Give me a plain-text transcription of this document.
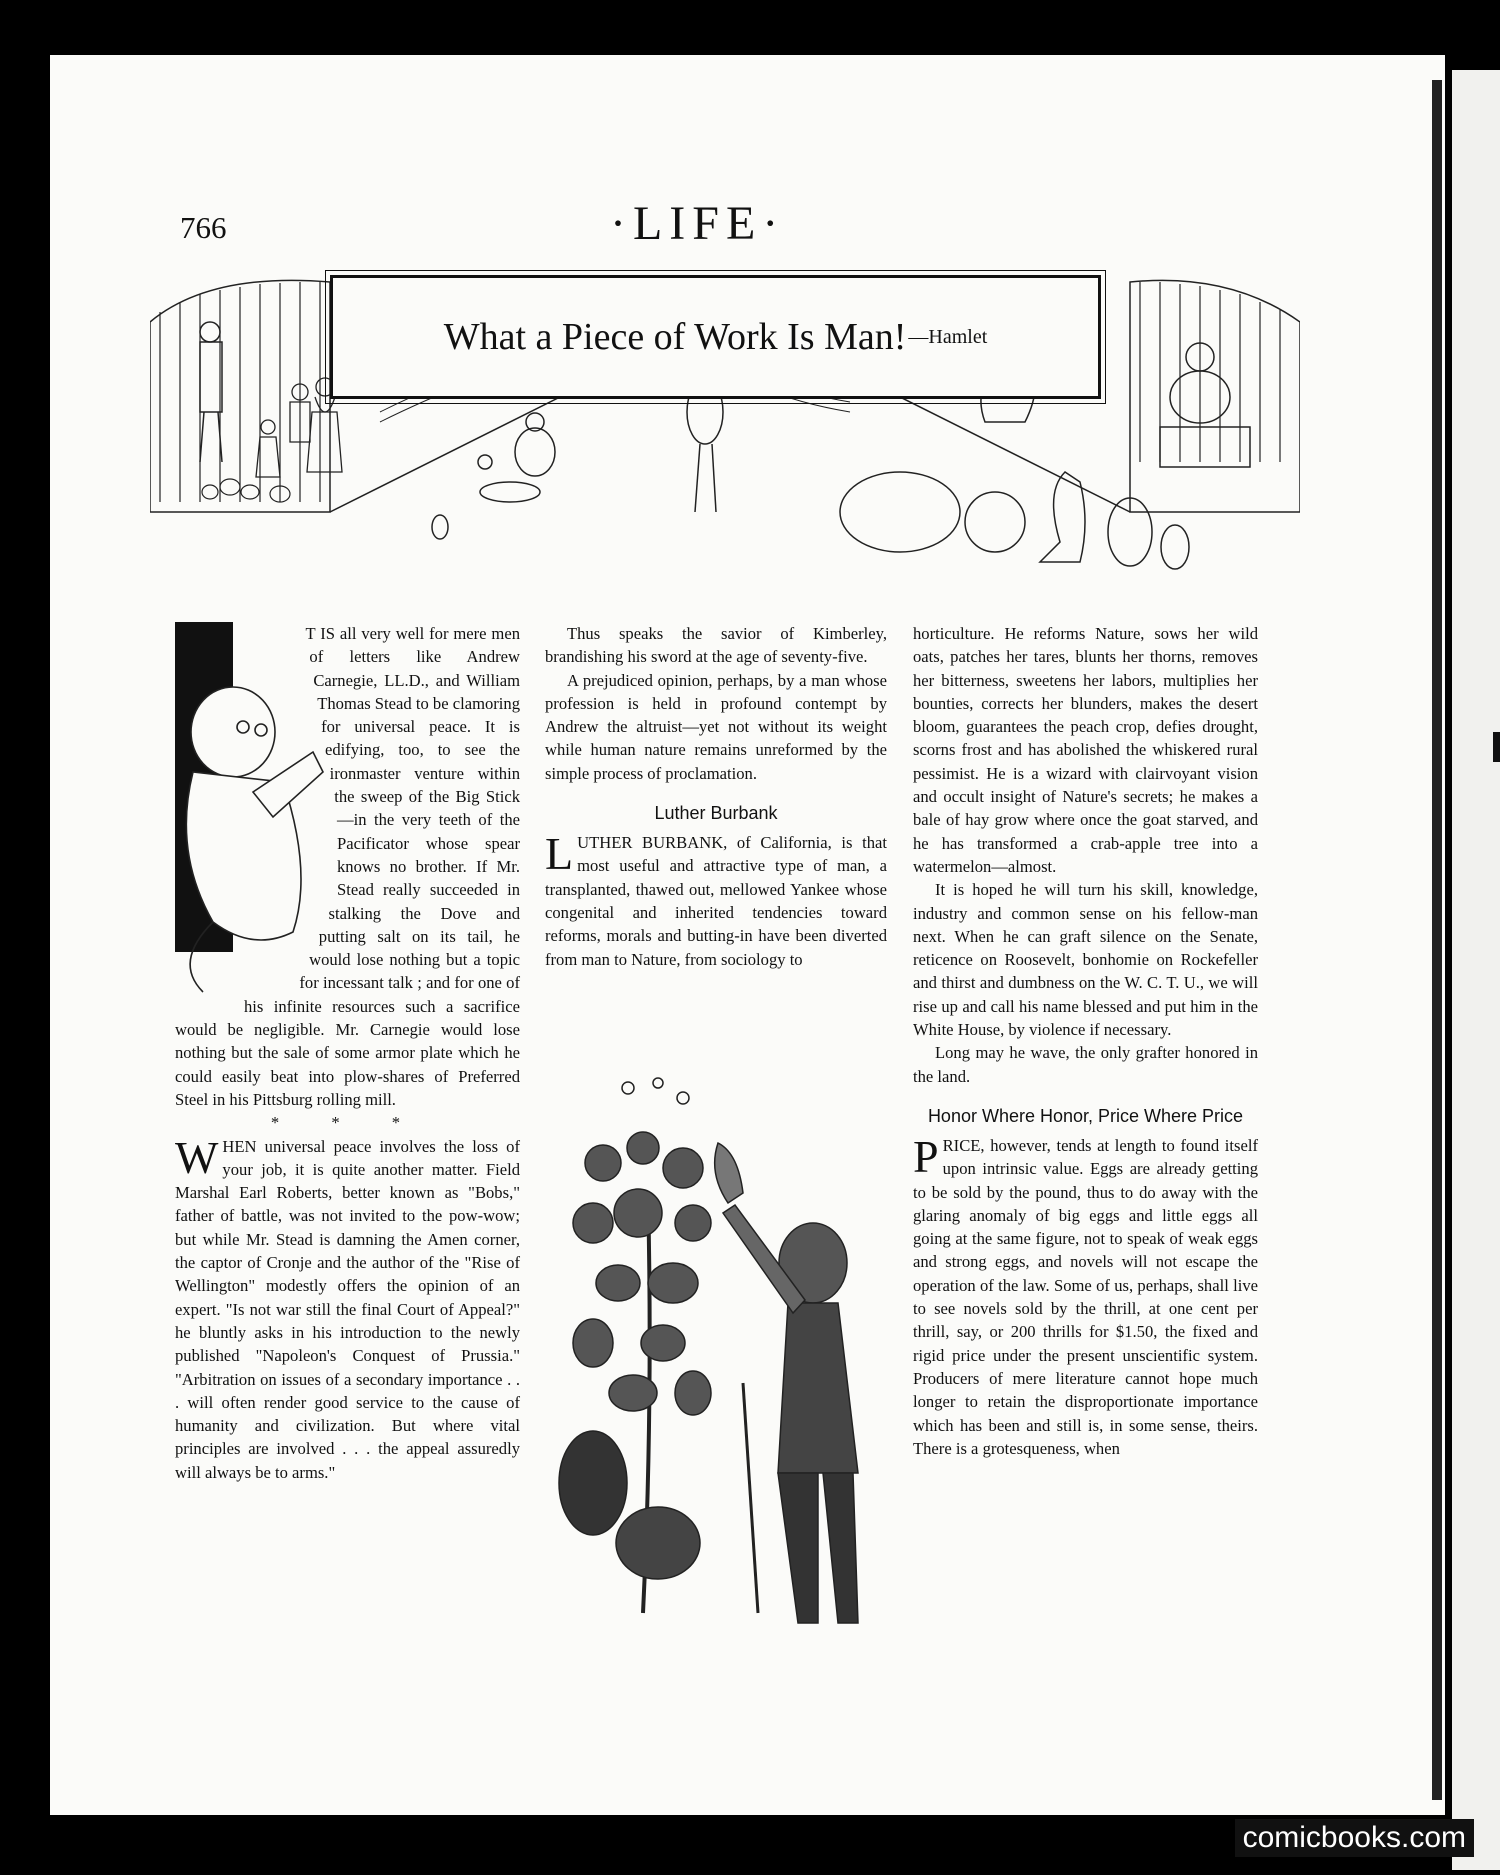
766	·LIFE·
What a Piece of Work Is Man! —Hamlet

T IS all very well for mere men of letters like Andrew Carnegie, LL.D., and William Thomas Stead to be clamoring for universal peace. It is edifying, too, to see the ironmaster venture within the sweep of the Big Stick —in the very teeth of the Pacificator whose spear knows no brother. If Mr. Stead really succeeded in stalking the Dove and putting salt on its tail, he would lose nothing but a topic for incessant talk ; and for one of his infinite resources such a sacrifice would be negligible. Mr. Carnegie would lose nothing but the sale of some armor plate which he could easily beat into plow-shares of Preferred Steel in his Pittsburg rolling mill.

* * *

WHEN universal peace involves the loss of your job, it is quite another matter. Field Marshal Earl Roberts, better known as "Bobs," father of battle, was not invited to the pow-wow; but while Mr. Stead is damning the Amen corner, the captor of Cronje and the author of the "Rise of Wellington" modestly offers the opinion of an expert. "Is not war still the final Court of Appeal?" he bluntly asks in his introduction to the newly published "Napoleon's Conquest of Prussia." "Arbitration on issues of a secondary importance . . . will often render good service to the cause of humanity and civilization. But where vital principles are involved . . . the appeal assuredly will always be to arms."

Thus speaks the savior of Kimberley, brandishing his sword at the age of seventy-five.

A prejudiced opinion, perhaps, by a man whose profession is held in profound contempt by Andrew the altruist—yet not without its weight while human nature remains unreformed by the simple process of proclamation.

Luther Burbank

LUTHER BURBANK, of California, is that most useful and attractive type of man, a transplanted, thawed out, mellowed Yankee whose congenital and inherited tendencies toward reforms, morals and butting-in have been diverted from man to Nature, from sociology to

horticulture. He reforms Nature, sows her wild oats, patches her tares, blunts her thorns, removes her bitterness, sweetens her labors, multiplies her bounties, corrects her blunders, makes the desert bloom, guarantees the peach crop, defies drought, scorns frost and has abolished the whiskered rural pessimist. He is a wizard with clairvoyant vision and occult insight of Nature's secrets; he makes a bale of hay grow where once the goat starved, and he has transformed a crab-apple tree into a watermelon—almost.

It is hoped he will turn his skill, knowledge, industry and common sense on his fellow-man next. When he can graft silence on the Senate, reticence on Roosevelt, bonhomie on Rockefeller and thirst and dumbness on the W. C. T. U., we will rise up and call his name blessed and put him in the White House, by violence if necessary.

Long may he wave, the only grafter honored in the land.

Honor Where Honor, Price Where Price

PRICE, however, tends at length to found itself upon intrinsic value. Eggs are already getting to be sold by the pound, thus to do away with the glaring anomaly of big eggs and little eggs all going at the same figure, not to speak of weak eggs and strong eggs, and novels will not escape the operation of the law. Some of us, perhaps, shall live to see novels sold by the thrill, at one cent per thrill, say, or 200 thrills for $1.50, the fixed and rigid price under the present unscientific system. Producers of mere literature cannot hope much longer to retain the disproportionate importance which has been and still is, in some sense, theirs. There is a grotesqueness, when

comicbooks.com
